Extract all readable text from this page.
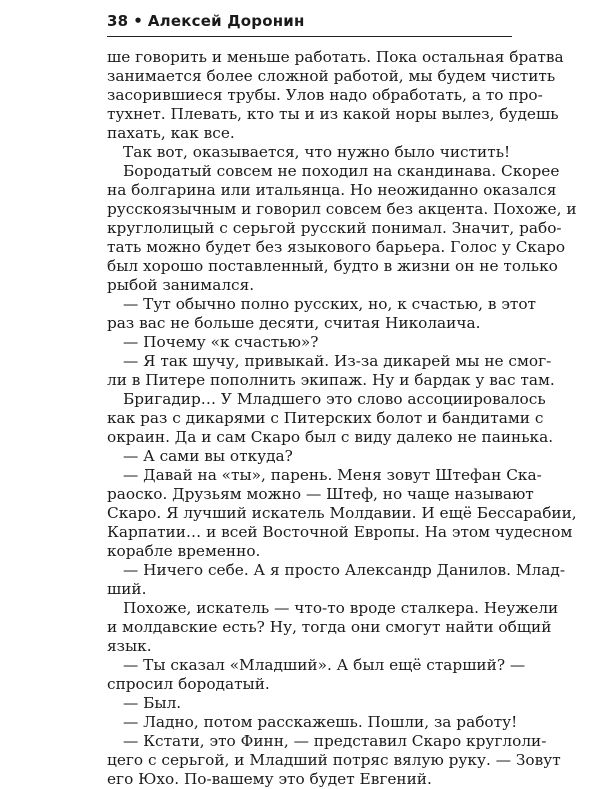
38 • Алексей Доронин

ше говорить и меньше работать. Пока остальная братва

занимается более сложной работой, мы будем чистить

засорившиеся трубы. Улов надо обработать, а то про-

тухнет. Плевать, кто ты и из какой норы вылез, будешь

пахать, как все.

Так вот, оказывается, что нужно было чистить!

Бородатый совсем не походил на скандинава. Скорее

на болгарина или итальянца. Но неожиданно оказался

русскоязычным и говорил совсем без акцента. Похоже, и

круглолицый с серьгой русский понимал. Значит, рабо-

тать можно будет без языкового барьера. Голос у Скаро

был хорошо поставленный, будто в жизни он не только

рыбой занимался.

— Тут обычно полно русских, но, к счастью, в этот

раз вас не больше десяти, считая Николаича.

— Почему «к счастью»?

— Я так шучу, привыкай. Из-за дикарей мы не смог-

ли в Питере пополнить экипаж. Ну и бардак у вас там.

Бригадир… У Младшего это слово ассоциировалось

как раз с дикарями с Питерских болот и бандитами с

окраин. Да и сам Скаро был с виду далеко не паинька.

— А сами вы откуда?

— Давай на «ты», парень. Меня зовут Штефан Ска-

раоско. Друзьям можно — Штеф, но чаще называют

Скаро. Я лучший искатель Молдавии. И ещё Бессарабии,

Карпатии… и всей Восточной Европы. На этом чудесном

корабле временно.

— Ничего себе. А я просто Александр Данилов. Млад-

ший.

Похоже, искатель — что-то вроде сталкера. Неужели

и молдавские есть? Ну, тогда они смогут найти общий

язык.

— Ты сказал «Младший». А был ещё старший? —

спросил бородатый.

— Был.

— Ладно, потом расскажешь. Пошли, за работу!

— Кстати, это Финн, — представил Скаро круглоли-

цего с серьгой, и Младший потряс вялую руку. — Зовут

его Юхо. По-вашему это будет Евгений.
